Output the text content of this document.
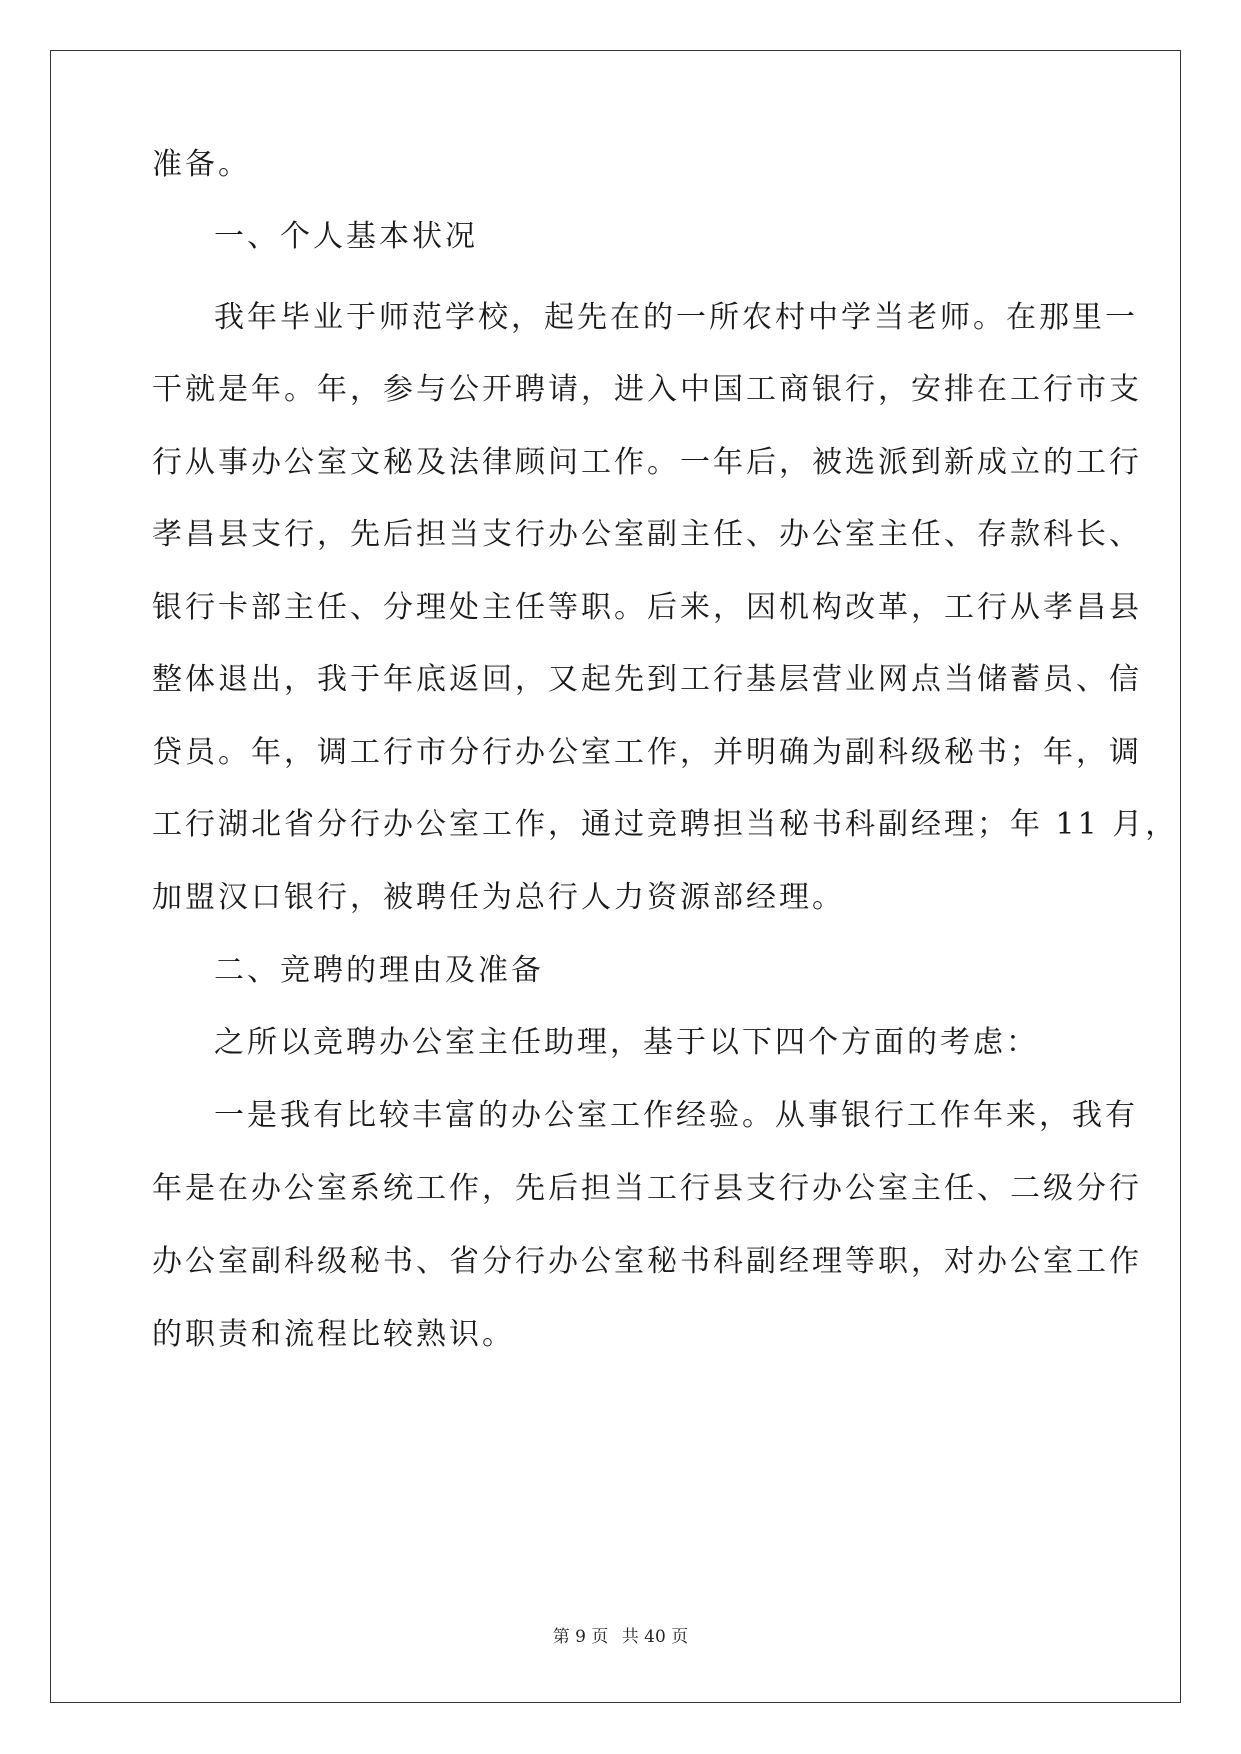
准备。
一、个人基本状况
我年毕业于师范学校，起先在的一所农村中学当老师。在那里一
干就是年。年，参与公开聘请，进入中国工商银行，安排在工行市支
行从事办公室文秘及法律顾问工作。一年后，被选派到新成立的工行
孝昌县支行，先后担当支行办公室副主任、办公室主任、存款科长、
银行卡部主任、分理处主任等职。后来，因机构改革，工行从孝昌县
整体退出，我于年底返回，又起先到工行基层营业网点当储蓄员、信
贷员。年，调工行市分行办公室工作，并明确为副科级秘书；年，调
工行湖北省分行办公室工作，通过竞聘担当秘书科副经理；年 11 月，
加盟汉口银行，被聘任为总行人力资源部经理。
二、竞聘的理由及准备
之所以竞聘办公室主任助理，基于以下四个方面的考虑：
一是我有比较丰富的办公室工作经验。从事银行工作年来，我有
年是在办公室系统工作，先后担当工行县支行办公室主任、二级分行
办公室副科级秘书、省分行办公室秘书科副经理等职，对办公室工作
的职责和流程比较熟识。
第 9 页 共 40 页
